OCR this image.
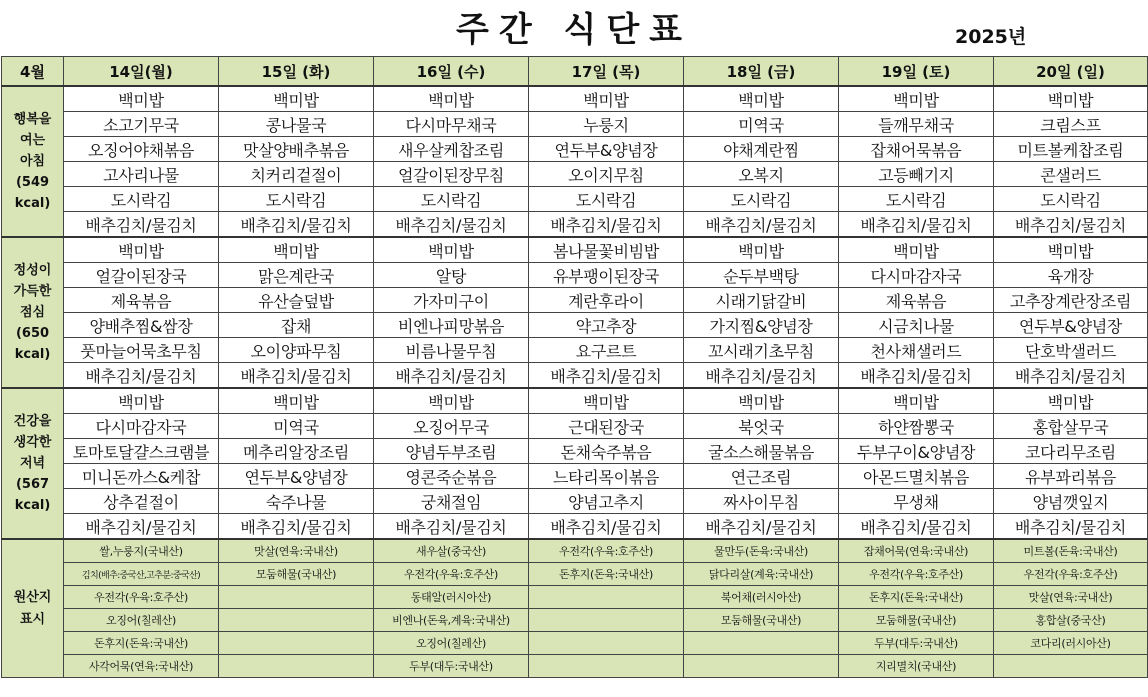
주간 식단표	2025년
4월	14일(월)	15일 (화)	16일 (수)	17일 (목)	18일 (금)	19일 (토)	20일 (일)

행복을
여는
아침
(549
kcal)	백미밥	백미밥	백미밥	백미밥	백미밥	백미밥	백미밥
	소고기무국	콩나물국	다시마무채국	누룽지	미역국	들깨무채국	크림스프
	오징어야채볶음	맛살양배추볶음	새우살케찹조림	연두부&양념장	야채계란찜	잡채어묵볶음	미트볼케찹조림
	고사리나물	치커리겉절이	얼갈이된장무침	오이지무침	오복지	고등빼기지	콘샐러드
	도시락김	도시락김	도시락김	도시락김	도시락김	도시락김	도시락김
	배추김치/물김치	배추김치/물김치	배추김치/물김치	배추김치/물김치	배추김치/물김치	배추김치/물김치	배추김치/물김치

정성이
가득한
점심
(650
kcal)	백미밥	백미밥	백미밥	봄나물꽃비빔밥	백미밥	백미밥	백미밥
	얼갈이된장국	맑은계란국	알탕	유부팽이된장국	순두부백탕	다시마감자국	육개장
	제육볶음	유산슬덮밥	가자미구이	계란후라이	시래기닭갈비	제육볶음	고추장계란장조림
	양배추찜&쌈장	잡채	비엔나피망볶음	약고추장	가지찜&양념장	시금치나물	연두부&양념장
	풋마늘어묵초무침	오이양파무침	비름나물무침	요구르트	꼬시래기초무침	천사채샐러드	단호박샐러드
	배추김치/물김치	배추김치/물김치	배추김치/물김치	배추김치/물김치	배추김치/물김치	배추김치/물김치	배추김치/물김치

건강을
생각한
저녁
(567
kcal)	백미밥	백미밥	백미밥	백미밥	백미밥	백미밥	백미밥
	다시마감자국	미역국	오징어무국	근대된장국	북엇국	하얀짬뽕국	홍합살무국
	토마토달걀스크램블	메추리알장조림	양념두부조림	돈채숙주볶음	굴소스해물볶음	두부구이&양념장	코다리무조림
	미니돈까스&케찹	연두부&양념장	영콘죽순볶음	느타리목이볶음	연근조림	아몬드멸치볶음	유부꽈리볶음
	상추겉절이	숙주나물	궁채절임	양념고추지	짜사이무침	무생채	양념깻잎지
	배추김치/물김치	배추김치/물김치	배추김치/물김치	배추김치/물김치	배추김치/물김치	배추김치/물김치	배추김치/물김치

원산지
표시	쌀,누룽지(국내산)	맛살(연육:국내산)	새우살(중국산)	우전각(우육:호주산)	물만두(돈육:국내산)	잡채어묵(연육:국내산)	미트볼(돈육:국내산)
	김치(배추:중국산,고추분:중국산)	모둠해물(국내산)	우전각(우육:호주산)	돈후지(돈육:국내산)	닭다리살(계육:국내산)	우전각(우육:호주산)	우전각(우육:호주산)
	우전각(우육:호주산)		동태알(러시아산)		북어채(러시아산)	돈후지(돈육:국내산)	맛살(연육:국내산)
	오징어(칠레산)		비엔나(돈육,계육:국내산)		모둠해물(국내산)	모둠해물(국내산)	홍합살(중국산)
	돈후지(돈육:국내산)		오징어(칠레산)			두부(대두:국내산)	코다리(러시아산)
	사각어묵(연육:국내산)		두부(대두:국내산)			지리멸치(국내산)	
